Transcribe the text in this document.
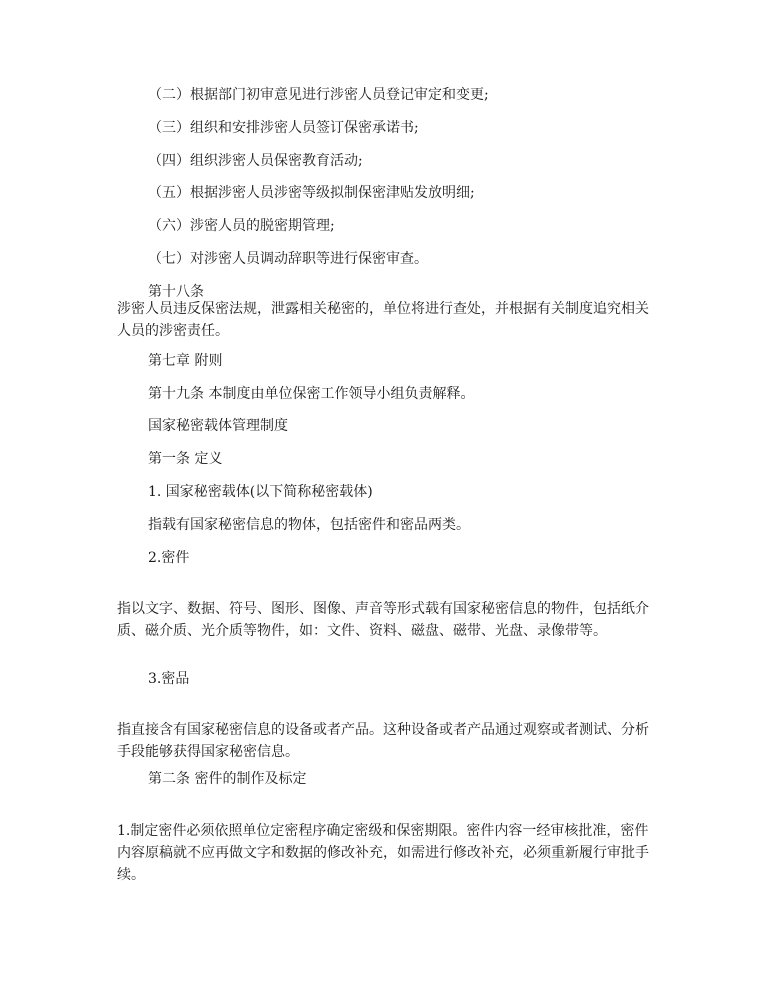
（二）根据部门初审意见进行涉密人员登记审定和变更;

（三）组织和安排涉密人员签订保密承诺书;

（四）组织涉密人员保密教育活动;

（五）根据涉密人员涉密等级拟制保密津贴发放明细;

（六）涉密人员的脱密期管理;

（七）对涉密人员调动辞职等进行保密审查。

第十八条

涉密人员违反保密法规，泄露相关秘密的，单位将进行查处，并根据有关制度追究相关人员的涉密责任。

第七章 附则

第十九条 本制度由单位保密工作领导小组负责解释。

国家秘密载体管理制度

第一条 定义

1. 国家秘密载体(以下简称秘密载体)

指载有国家秘密信息的物体，包括密件和密品两类。

2.密件

指以文字、数据、符号、图形、图像、声音等形式载有国家秘密信息的物件，包括纸介质、磁介质、光介质等物件，如：文件、资料、磁盘、磁带、光盘、录像带等。

3.密品

指直接含有国家秘密信息的设备或者产品。这种设备或者产品通过观察或者测试、分析手段能够获得国家秘密信息。

第二条 密件的制作及标定

1.制定密件必须依照单位定密程序确定密级和保密期限。密件内容一经审核批准，密件内容原稿就不应再做文字和数据的修改补充，如需进行修改补充，必须重新履行审批手续。
